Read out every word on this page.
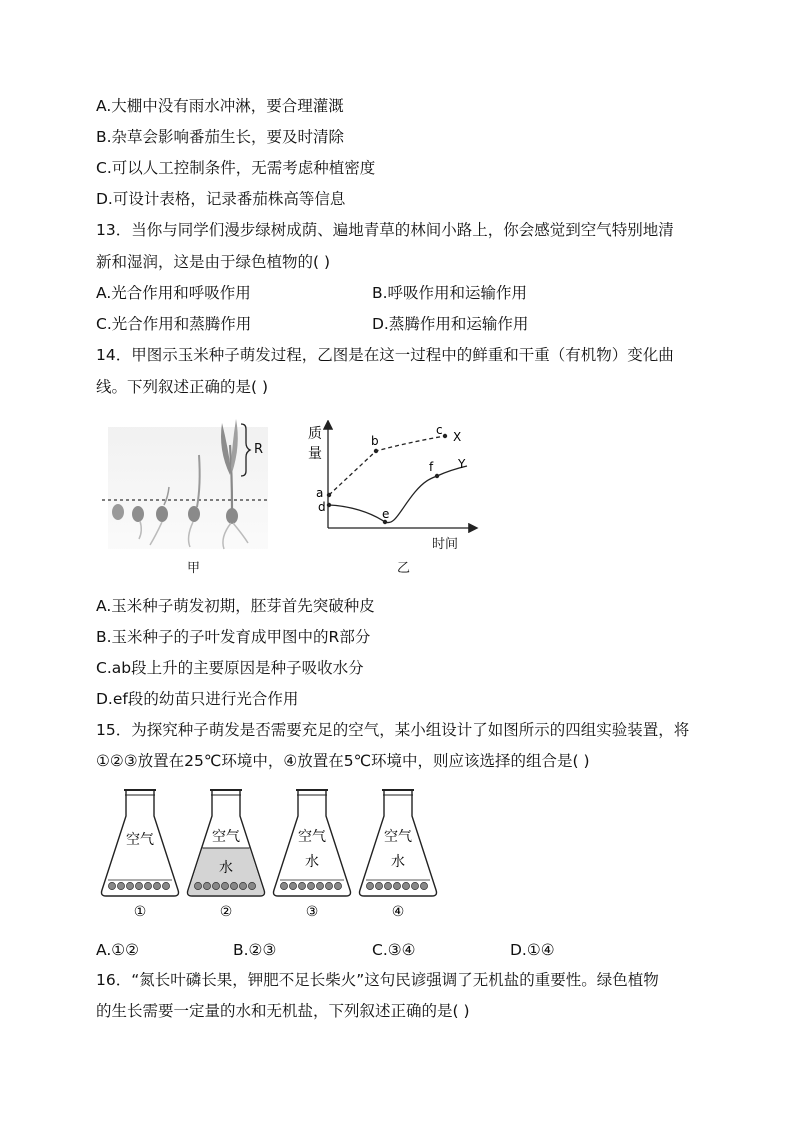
A.大棚中没有雨水冲淋，要合理灌溉
B.杂草会影响番茄生长，要及时清除
C.可以人工控制条件，无需考虑种植密度
D.可设计表格，记录番茄株高等信息
13．当你与同学们漫步绿树成荫、遍地青草的林间小路上，你会感觉到空气特别地清
新和湿润，这是由于绿色植物的( )
A.光合作用和呼吸作用	B.呼吸作用和运输作用
C.光合作用和蒸腾作用	D.蒸腾作用和运输作用
14．甲图示玉米种子萌发过程，乙图是在这一过程中的鲜重和干重（有机物）变化曲
线。下列叙述正确的是( )
R
甲
质
量
a
d
b
c X
e
f Y
时间
乙
A.玉米种子萌发初期，胚芽首先突破种皮
B.玉米种子的子叶发育成甲图中的R部分
C.ab段上升的主要原因是种子吸收水分
D.ef段的幼苗只进行光合作用
15．为探究种子萌发是否需要充足的空气，某小组设计了如图所示的四组实验装置，将
①②③放置在25℃环境中，④放置在5℃环境中，则应该选择的组合是( )
空气
①
空气
水
②
空气
水
③
空气
水
④
A.①②	B.②③	C.③④	D.①④
16．“氮长叶磷长果，钾肥不足长柴火”这句民谚强调了无机盐的重要性。绿色植物
的生长需要一定量的水和无机盐，下列叙述正确的是( )
